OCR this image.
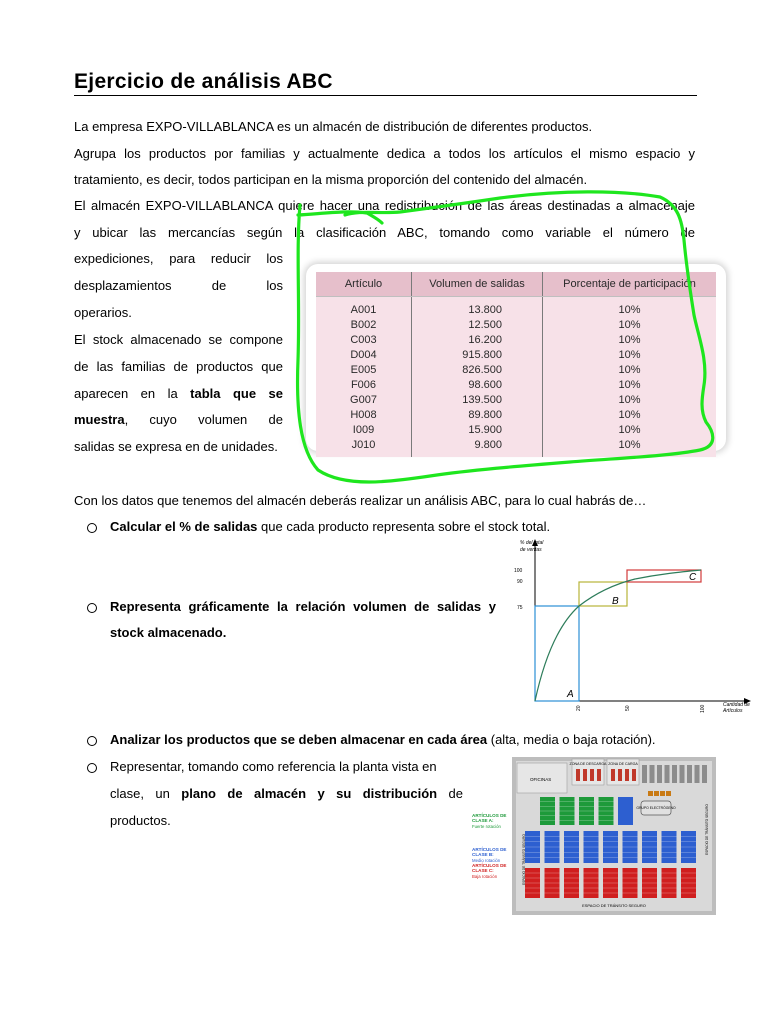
Ejercicio de análisis ABC
La empresa EXPO-VILLABLANCA es un almacén de distribución de diferentes productos.
Agrupa los productos por familias y actualmente dedica a todos los artículos el mismo espacio y
tratamiento, es decir, todos participan en la misma proporción del contenido del almacén.
El almacén EXPO-VILLABLANCA quiere hacer una redistribución de las áreas destinadas a almacenaje
y ubicar las mercancías según la clasificación ABC, tomando como variable el número de
expediciones, para reducir los
desplazamientos de los
operarios.
El stock almacenado se compone
de las familias de productos que
aparecen en la tabla que se
muestra, cuyo volumen de
salidas se expresa en de unidades.
Artículo	Volumen de salidas	Porcentaje de participación
A001	13.800	10%
B002	12.500	10%
C003	16.200	10%
D004	915.800	10%
E005	826.500	10%
F006	98.600	10%
G007	139.500	10%
H008	89.800	10%
I009	15.900	10%
J010	9.800	10%
Con los datos que tenemos del almacén deberás realizar un análisis ABC, para lo cual habrás de…
Calcular el % de salidas que cada producto representa sobre el stock total.
Representa gráficamente la relación volumen de salidas y
stock almacenado.
Analizar los productos que se deben almacenar en cada área (alta, media o baja rotación).
Representar, tomando como referencia la planta vista en
clase, un plano de almacén y su distribución de
productos.
% del total
de ventas
100
90
75
20	50	100	Cantidad de
Artículos
A
B
C
ARTÍCULOS DE
CLASE A:
Fuerte rotación
ARTÍCULOS DE
CLASE B:
Medio rotación
ARTÍCULOS DE
CLASE C:
Baja rotación
OFICINAS
ZONA DE DESCARGA ZONA DE CARGA
GRUPO ELECTRÓGENO
ESPACIO DE TRÁNSITO SEGURO
ESPACIO DE TRÁNSITO SEGURO
ESPACIO DE TRÁNSITO SEGURO
